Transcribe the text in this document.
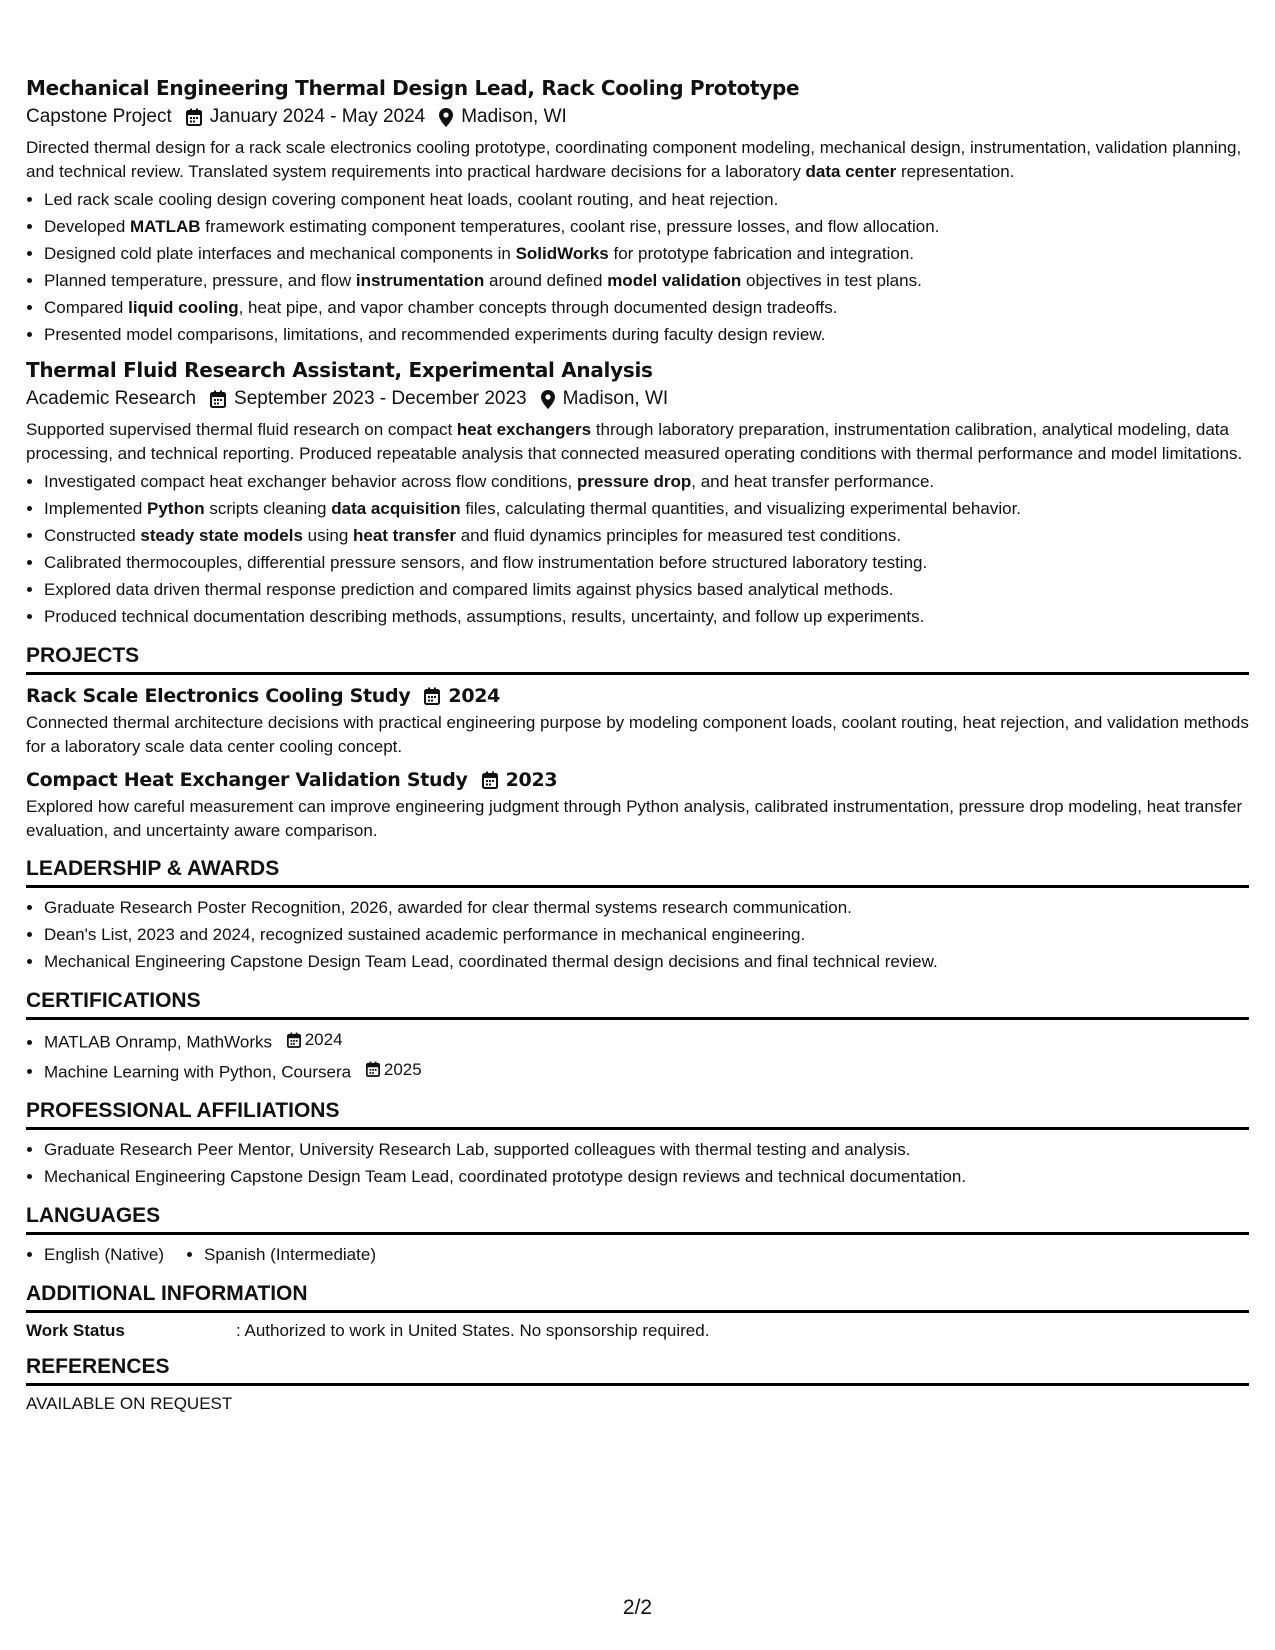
Mechanical Engineering Thermal Design Lead, Rack Cooling Prototype
Capstone Project January 2024 - May 2024 Madison, WI

Directed thermal design for a rack scale electronics cooling prototype, coordinating component modeling, mechanical design, instrumentation, validation planning, and technical review. Translated system requirements into practical hardware decisions for a laboratory data center representation.

• Led rack scale cooling design covering component heat loads, coolant routing, and heat rejection.
• Developed MATLAB framework estimating component temperatures, coolant rise, pressure losses, and flow allocation.
• Designed cold plate interfaces and mechanical components in SolidWorks for prototype fabrication and integration.
• Planned temperature, pressure, and flow instrumentation around defined model validation objectives in test plans.
• Compared liquid cooling, heat pipe, and vapor chamber concepts through documented design tradeoffs.
• Presented model comparisons, limitations, and recommended experiments during faculty design review.
Thermal Fluid Research Assistant, Experimental Analysis
Academic Research September 2023 - December 2023 Madison, WI

Supported supervised thermal fluid research on compact heat exchangers through laboratory preparation, instrumentation calibration, analytical modeling, data processing, and technical reporting. Produced repeatable analysis that connected measured operating conditions with thermal performance and model limitations.

• Investigated compact heat exchanger behavior across flow conditions, pressure drop, and heat transfer performance.
• Implemented Python scripts cleaning data acquisition files, calculating thermal quantities, and visualizing experimental behavior.
• Constructed steady state models using heat transfer and fluid dynamics principles for measured test conditions.
• Calibrated thermocouples, differential pressure sensors, and flow instrumentation before structured laboratory testing.
• Explored data driven thermal response prediction and compared limits against physics based analytical methods.
• Produced technical documentation describing methods, assumptions, results, uncertainty, and follow up experiments.
PROJECTS
Rack Scale Electronics Cooling Study 2024

Connected thermal architecture decisions with practical engineering purpose by modeling component loads, coolant routing, heat rejection, and validation methods for a laboratory scale data center cooling concept.

Compact Heat Exchanger Validation Study 2023

Explored how careful measurement can improve engineering judgment through Python analysis, calibrated instrumentation, pressure drop modeling, heat transfer evaluation, and uncertainty aware comparison.

LEADERSHIP & AWARDS
• Graduate Research Poster Recognition, 2026, awarded for clear thermal systems research communication.
• Dean's List, 2023 and 2024, recognized sustained academic performance in mechanical engineering.
• Mechanical Engineering Capstone Design Team Lead, coordinated thermal design decisions and final technical review.
CERTIFICATIONS
• MATLAB Onramp, MathWorks 2024
• Machine Learning with Python, Coursera 2025
PROFESSIONAL AFFILIATIONS
• Graduate Research Peer Mentor, University Research Lab, supported colleagues with thermal testing and analysis.
• Mechanical Engineering Capstone Design Team Lead, coordinated prototype design reviews and technical documentation.
LANGUAGES
• English (Native)
• Spanish (Intermediate)
ADDITIONAL INFORMATION
Work Status	: Authorized to work in United States. No sponsorship required.
REFERENCES
AVAILABLE ON REQUEST
2/2
